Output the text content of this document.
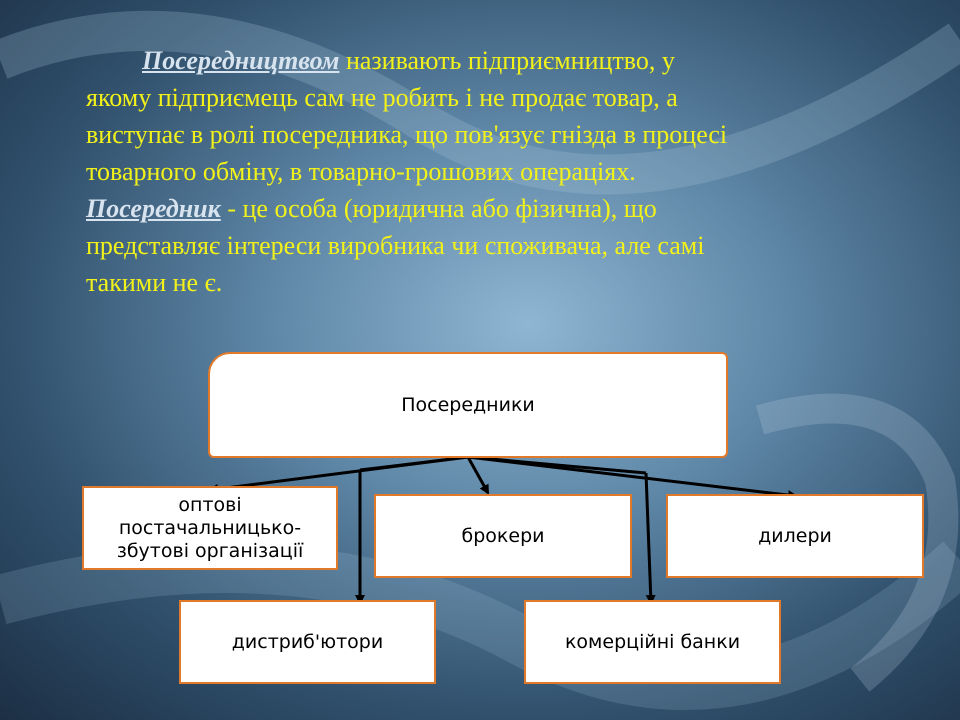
Посередництвом називають підприємництво, у
якому підприємець сам не робить і не продає товар, а
виступає в ролі посередника, що пов'язує гнізда в процесі
товарного обміну, в товарно-грошових операціях.
Посередник - це особа (юридична або фізична), що
представляє інтереси виробника чи споживача, але самі
такими не є.
Посередники
оптові
постачальницько-
збутові організації
брокери	дилери
дистриб'ютори	комерційні банки
